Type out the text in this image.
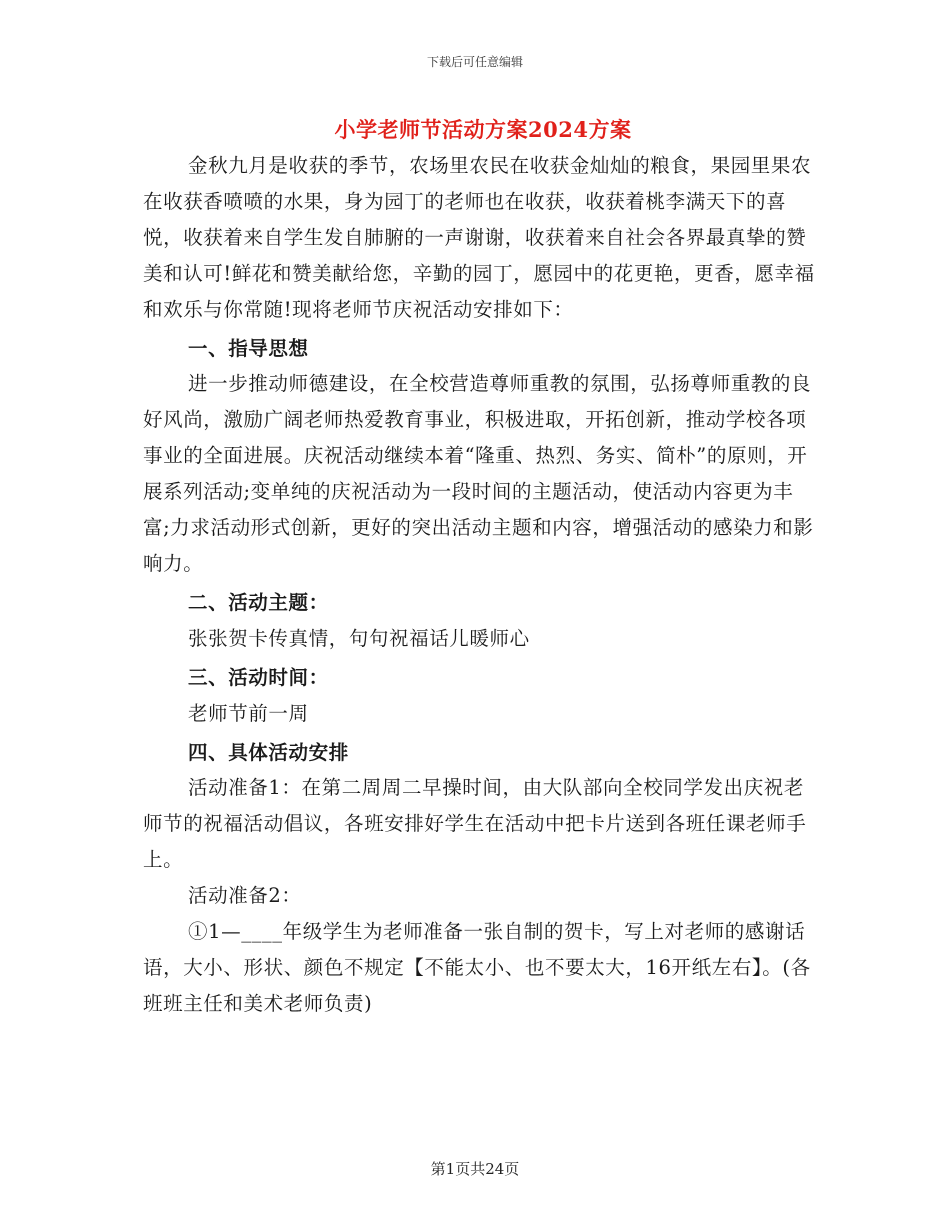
下载后可任意编辑
小学老师节活动方案2024方案

金秋九月是收获的季节，农场里农民在收获金灿灿的粮食，果园里果农在收获香喷喷的水果，身为园丁的老师也在收获，收获着桃李满天下的喜悦，收获着来自学生发自肺腑的一声谢谢，收获着来自社会各界最真挚的赞美和认可!鲜花和赞美献给您，辛勤的园丁，愿园中的花更艳，更香，愿幸福和欢乐与你常随!现将老师节庆祝活动安排如下：

一、指导思想

进一步推动师德建设，在全校营造尊师重教的氛围，弘扬尊师重教的良好风尚，激励广阔老师热爱教育事业，积极进取，开拓创新，推动学校各项事业的全面进展。庆祝活动继续本着“隆重、热烈、务实、简朴”的原则，开展系列活动;变单纯的庆祝活动为一段时间的主题活动，使活动内容更为丰富;力求活动形式创新，更好的突出活动主题和内容，增强活动的感染力和影响力。

二、活动主题：

张张贺卡传真情，句句祝福话儿暖师心

三、活动时间：

老师节前一周

四、具体活动安排

活动准备1：在第二周周二早操时间，由大队部向全校同学发出庆祝老师节的祝福活动倡议，各班安排好学生在活动中把卡片送到各班任课老师手上。

活动准备2：

①1—____年级学生为老师准备一张自制的贺卡，写上对老师的感谢话语，大小、形状、颜色不规定【不能太小、也不要太大，16开纸左右】。(各班班主任和美术老师负责)

第1页共24页
